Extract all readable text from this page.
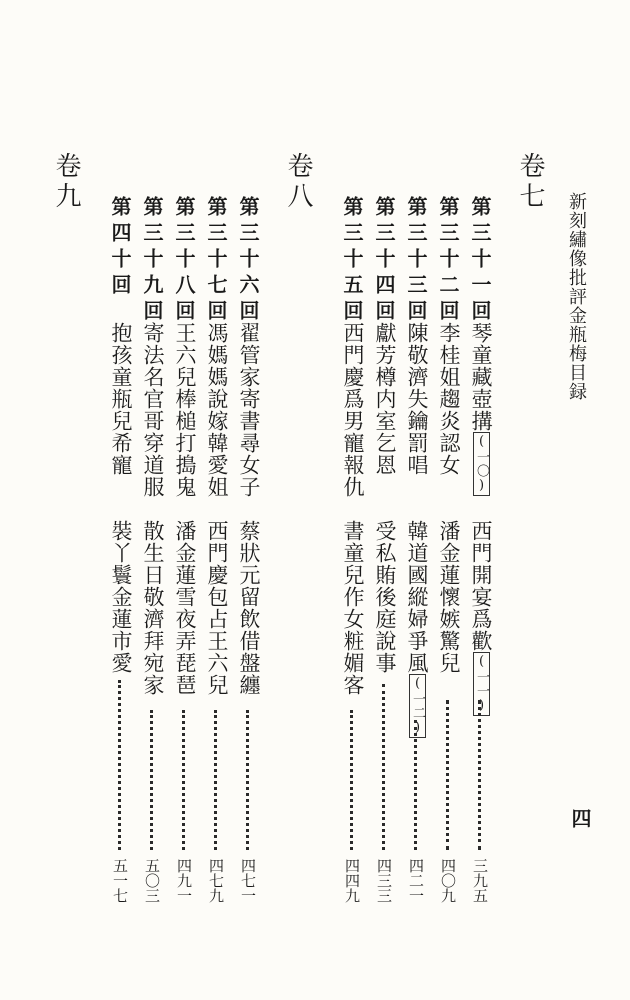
新刻繡像批評金瓶梅目録
四
卷七
卷八
卷九
第三十一回
琴童藏壺搆(一〇)
西門開宴爲歡(一一)
三九五
第三十二回
李桂姐趨炎認女
潘金蓮懷嫉驚兒
四〇九
第三十三回
陳敬濟失鑰罰唱
韓道國縱婦爭風(一二)
四二一
第三十四回
獻芳樽内室乞恩
受私賄後庭說事
四三三
第三十五回
西門慶爲男寵報仇
書童兒作女粧媚客
四四九
第三十六回
翟管家寄書尋女子
蔡狀元留飲借盤纏
四七一
第三十七回
馮媽媽說嫁韓愛姐
西門慶包占王六兒
四七九
第三十八回
王六兒棒槌打搗鬼
潘金蓮雪夜弄琵琶
四九一
第三十九回
寄法名官哥穿道服
散生日敬濟拜宛家
五〇三
第四十回
抱孩童瓶兒希寵
裝丫鬟金蓮市愛
五一七
